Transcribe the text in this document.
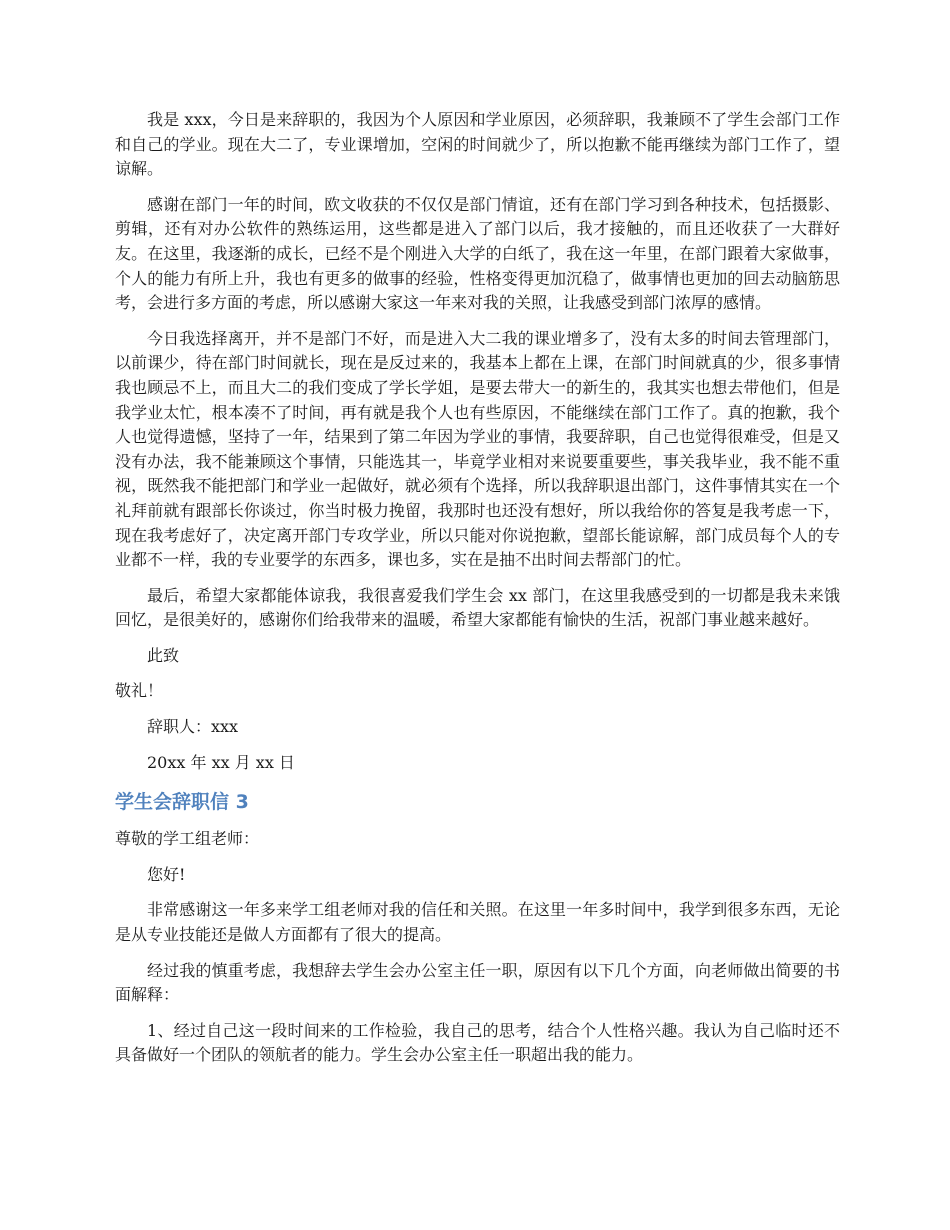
我是 xxx，今日是来辞职的，我因为个人原因和学业原因，必须辞职，我兼顾不了学生会部门工作和自己的学业。现在大二了，专业课增加，空闲的时间就少了，所以抱歉不能再继续为部门工作了，望谅解。

感谢在部门一年的时间，欧文收获的不仅仅是部门情谊，还有在部门学习到各种技术，包括摄影、剪辑，还有对办公软件的熟练运用，这些都是进入了部门以后，我才接触的，而且还收获了一大群好友。在这里，我逐渐的成长，已经不是个刚进入大学的白纸了，我在这一年里，在部门跟着大家做事，个人的能力有所上升，我也有更多的做事的经验，性格变得更加沉稳了，做事情也更加的回去动脑筋思考，会进行多方面的考虑，所以感谢大家这一年来对我的关照，让我感受到部门浓厚的感情。

今日我选择离开，并不是部门不好，而是进入大二我的课业增多了，没有太多的时间去管理部门，以前课少，待在部门时间就长，现在是反过来的，我基本上都在上课，在部门时间就真的少，很多事情我也顾忌不上，而且大二的我们变成了学长学姐，是要去带大一的新生的，我其实也想去带他们，但是我学业太忙，根本凑不了时间，再有就是我个人也有些原因，不能继续在部门工作了。真的抱歉，我个人也觉得遗憾，坚持了一年，结果到了第二年因为学业的事情，我要辞职，自己也觉得很难受，但是又没有办法，我不能兼顾这个事情，只能选其一，毕竟学业相对来说要重要些，事关我毕业，我不能不重视，既然我不能把部门和学业一起做好，就必须有个选择，所以我辞职退出部门，这件事情其实在一个礼拜前就有跟部长你谈过，你当时极力挽留，我那时也还没有想好，所以我给你的答复是我考虑一下，现在我考虑好了，决定离开部门专攻学业，所以只能对你说抱歉，望部长能谅解，部门成员每个人的专业都不一样，我的专业要学的东西多，课也多，实在是抽不出时间去帮部门的忙。

最后，希望大家都能体谅我，我很喜爱我们学生会 xx 部门，在这里我感受到的一切都是我未来饿回忆，是很美好的，感谢你们给我带来的温暖，希望大家都能有愉快的生活，祝部门事业越来越好。

此致

敬礼！

辞职人：xxx

20xx 年 xx 月 xx 日

学生会辞职信 3

尊敬的学工组老师：

您好!

非常感谢这一年多来学工组老师对我的信任和关照。在这里一年多时间中，我学到很多东西，无论是从专业技能还是做人方面都有了很大的提高。

经过我的慎重考虑，我想辞去学生会办公室主任一职，原因有以下几个方面，向老师做出简要的书面解释：

1、经过自己这一段时间来的工作检验，我自己的思考，结合个人性格兴趣。我认为自己临时还不具备做好一个团队的领航者的能力。学生会办公室主任一职超出我的能力。
